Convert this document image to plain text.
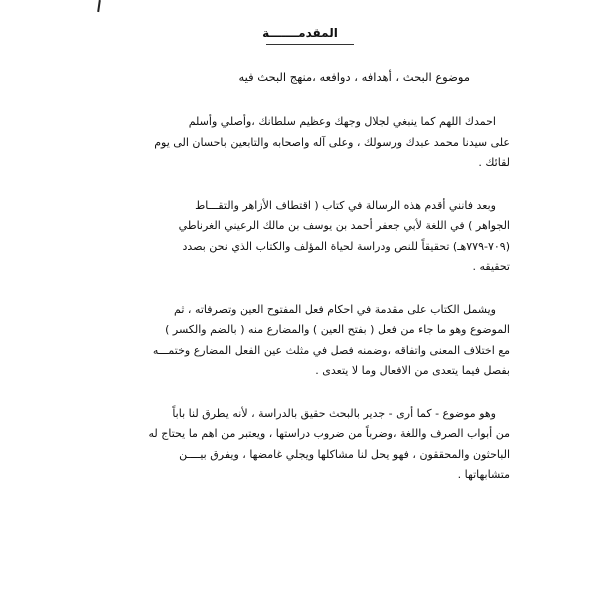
المقدمـــــــة
موضوع البحث ، أهدافه ، دوافعه ،منهج البحث فيه

احمدك اللهم كما ينبغي لجلال وجهك وعظيم سلطانك ،وأصلي وأسلم
على سيدنا محمد عبدك ورسولك ، وعلى آله واصحابه والتابعين باحسان الى يوم
لقائك .

وبعد فانني أقدم هذه الرسالة في كتاب ( اقتطاف الأزاهر والتقـــاط
الجواهر ) في اللغة لأبي جعفر أحمد بن يوسف بن مالك الرعيني الغرناطي
(٧٠٩-٧٧٩هـ) تحقيقاً للنص ودراسة لحياة المؤلف والكتاب الذي نحن بصدد
تحقيقه .

ويشمل الكتاب على مقدمة في احكام فعل المفتوح العين وتصرفاته ، ثم
الموضوع وهو ما جاء من فعل ( بفتح العين ) والمضارع منه ( بالضم والكسر )
مع اختلاف المعنى واتفاقه ،وضمنه فصل في مثلث عين الفعل المضارع وختمـــه
بفصل فيما يتعدى من الافعال وما لا يتعدى .

وهو موضوع - كما أرى - جدير بالبحث حقيق بالدراسة ، لأنه يطرق لنا باباً
من أبواب الصرف واللغة ،وضرباً من ضروب دراستها ، ويعتبر من اهم ما يحتاج له
الباحثون والمحققون ، فهو يحل لنا مشاكلها ويجلي غامضها ، ويفرق بيــــن
متشابهاتها .
